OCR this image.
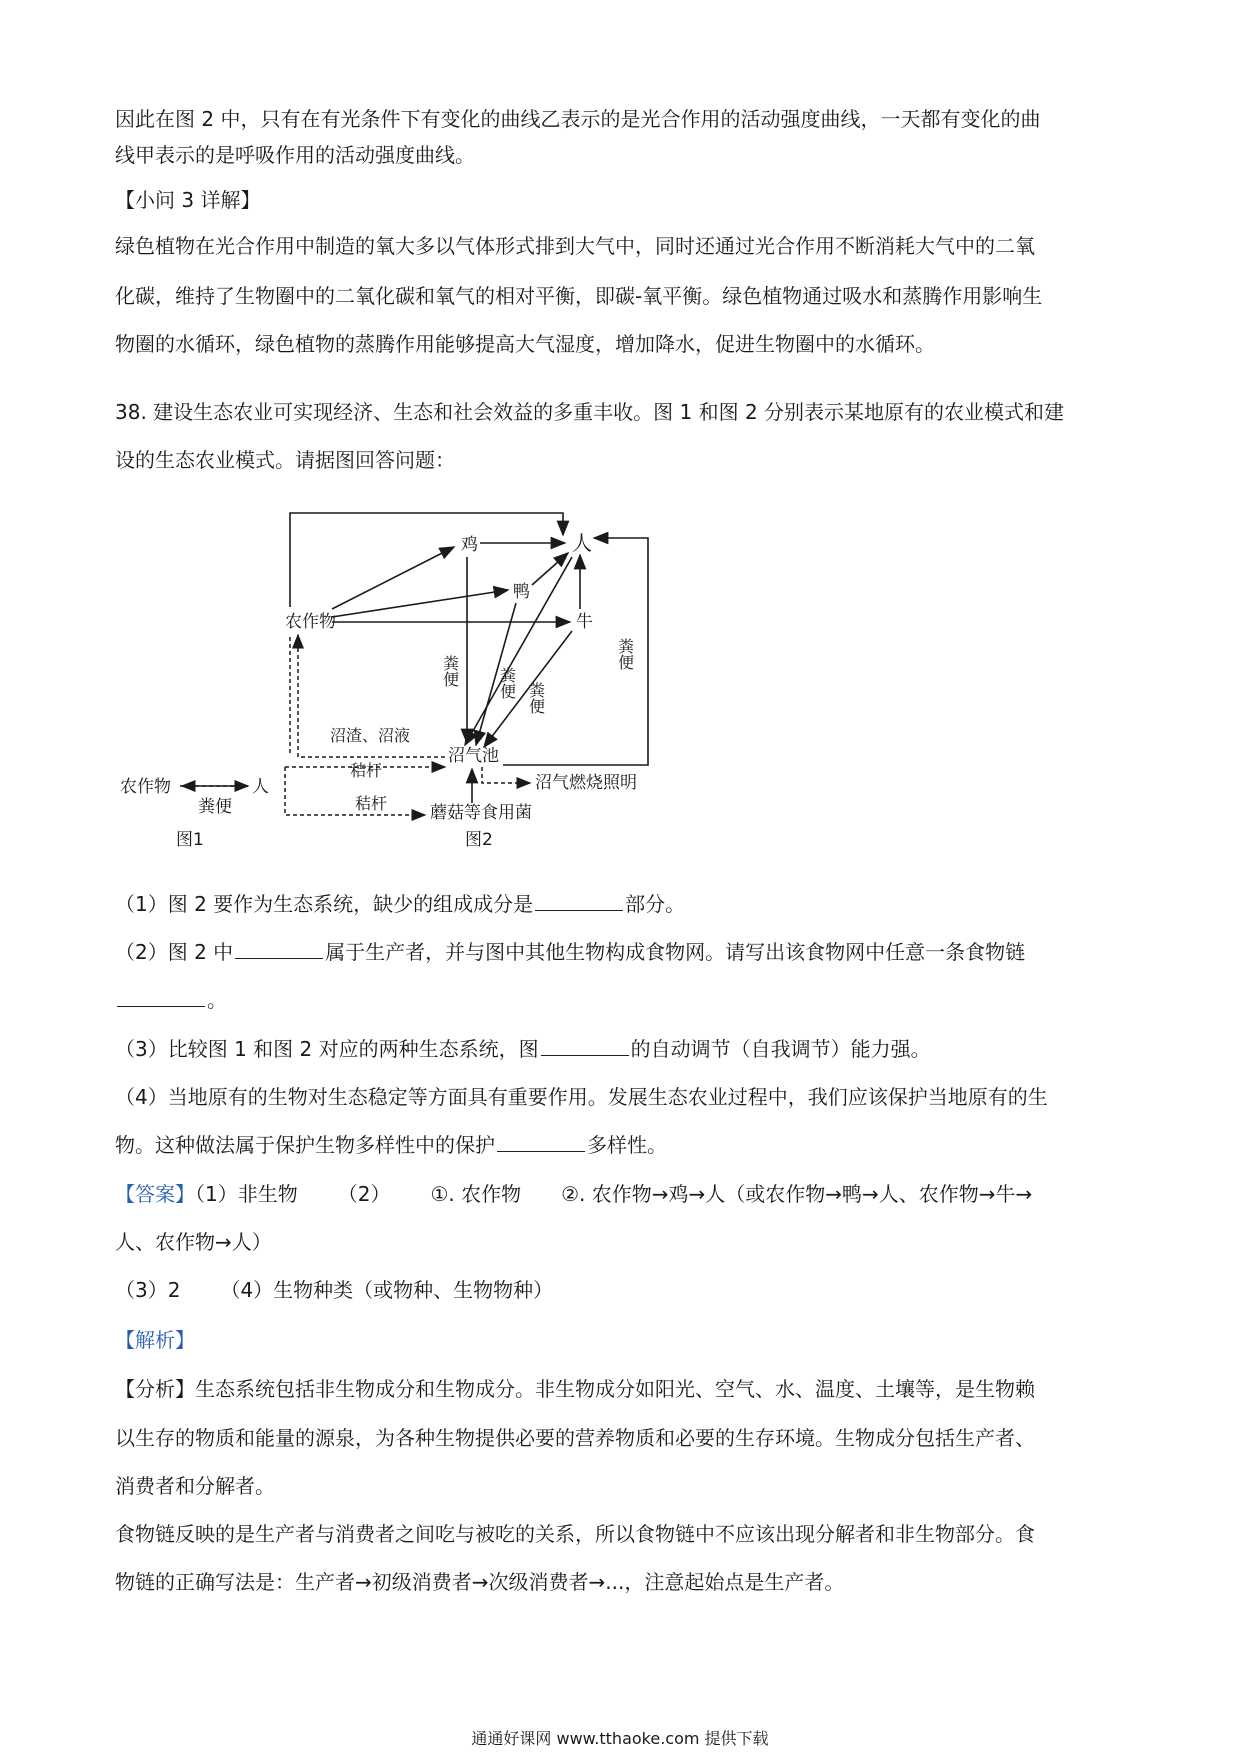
因此在图 2 中，只有在有光条件下有变化的曲线乙表示的是光合作用的活动强度曲线，一天都有变化的曲
线甲表示的是呼吸作用的活动强度曲线。
【小问 3 详解】
绿色植物在光合作用中制造的氧大多以气体形式排到大气中，同时还通过光合作用不断消耗大气中的二氧
化碳，维持了生物圈中的二氧化碳和氧气的相对平衡，即碳-氧平衡。绿色植物通过吸水和蒸腾作用影响生
物圈的水循环，绿色植物的蒸腾作用能够提高大气湿度，增加降水，促进生物圈中的水循环。
38. 建设生态农业可实现经济、生态和社会效益的多重丰收。图 1 和图 2 分别表示某地原有的农业模式和建
设的生态农业模式。请据图回答问题：
农作物	人
粪便
图1
农作物
鸡
鸭
牛
人
沼气池
沼渣、沼液
秸杆
秸杆
沼气燃烧照明
蘑菇等食用菌
图2
粪便 粪便 粪便
粪便
（1）图 2 要作为生态系统，缺少的组成成分是	部分。
（2）图 2 中	属于生产者，并与图中其他生物构成食物网。请写出该食物网中任意一条食物链
。
（3）比较图 1 和图 2 对应的两种生态系统，图	的自动调节（自我调节）能力强。
（4）当地原有的生物对生态稳定等方面具有重要作用。发展生态农业过程中，我们应该保护当地原有的生
物。这种做法属于保护生物多样性中的保护	多样性。
【答案】（1）非生物 （2） ①. 农作物 ②. 农作物→鸡→人（或农作物→鸭→人、农作物→牛→
人、农作物→人）
（3）2 （4）生物种类（或物种、生物物种）
【解析】
【分析】生态系统包括非生物成分和生物成分。非生物成分如阳光、空气、水、温度、土壤等，是生物赖
以生存的物质和能量的源泉，为各种生物提供必要的营养物质和必要的生存环境。生物成分包括生产者、
消费者和分解者。
食物链反映的是生产者与消费者之间吃与被吃的关系，所以食物链中不应该出现分解者和非生物部分。食
物链的正确写法是：生产者→初级消费者→次级消费者→...，注意起始点是生产者。
通通好课网 www.tthaoke.com 提供下载
